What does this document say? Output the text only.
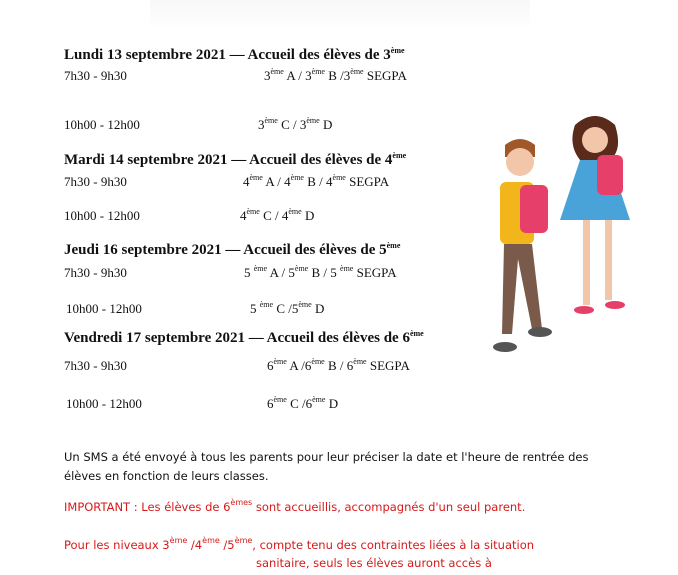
Lundi 13 septembre 2021 — Accueil des élèves de 3ème
7h30 - 9h30	3ème A / 3ème B /3ème SEGPA
10h00 - 12h00	3ème C / 3ème D
Mardi 14 septembre 2021 — Accueil des élèves de 4ème
7h30 - 9h30	4ème A / 4ème B / 4ème SEGPA
10h00 - 12h00	4ème C / 4ème D
Jeudi 16 septembre 2021 — Accueil des élèves de 5ème
7h30 - 9h30	5 $^{ème}$ A / 5ème B / 5 $^{ème}$ SEGPA
10h00 - 12h00	5 $^{ème}$ C /5ème D
Vendredi 17 septembre 2021 — Accueil des élèves de 6ème
7h30 - 9h30	6ème A /6ème B / 6ème SEGPA
10h00 - 12h00	6ème C /6ème D
Un SMS a été envoyé à tous les parents pour leur préciser la date et l'heure de rentrée des élèves en fonction de leurs classes.
IMPORTANT : Les élèves de 6èmes sont accueillis, accompagnés d'un seul parent.
Pour les niveaux 3ème /4ème /5ème, compte tenu des contraintes liées à la situation
sanitaire, seuls les élèves auront accès à
